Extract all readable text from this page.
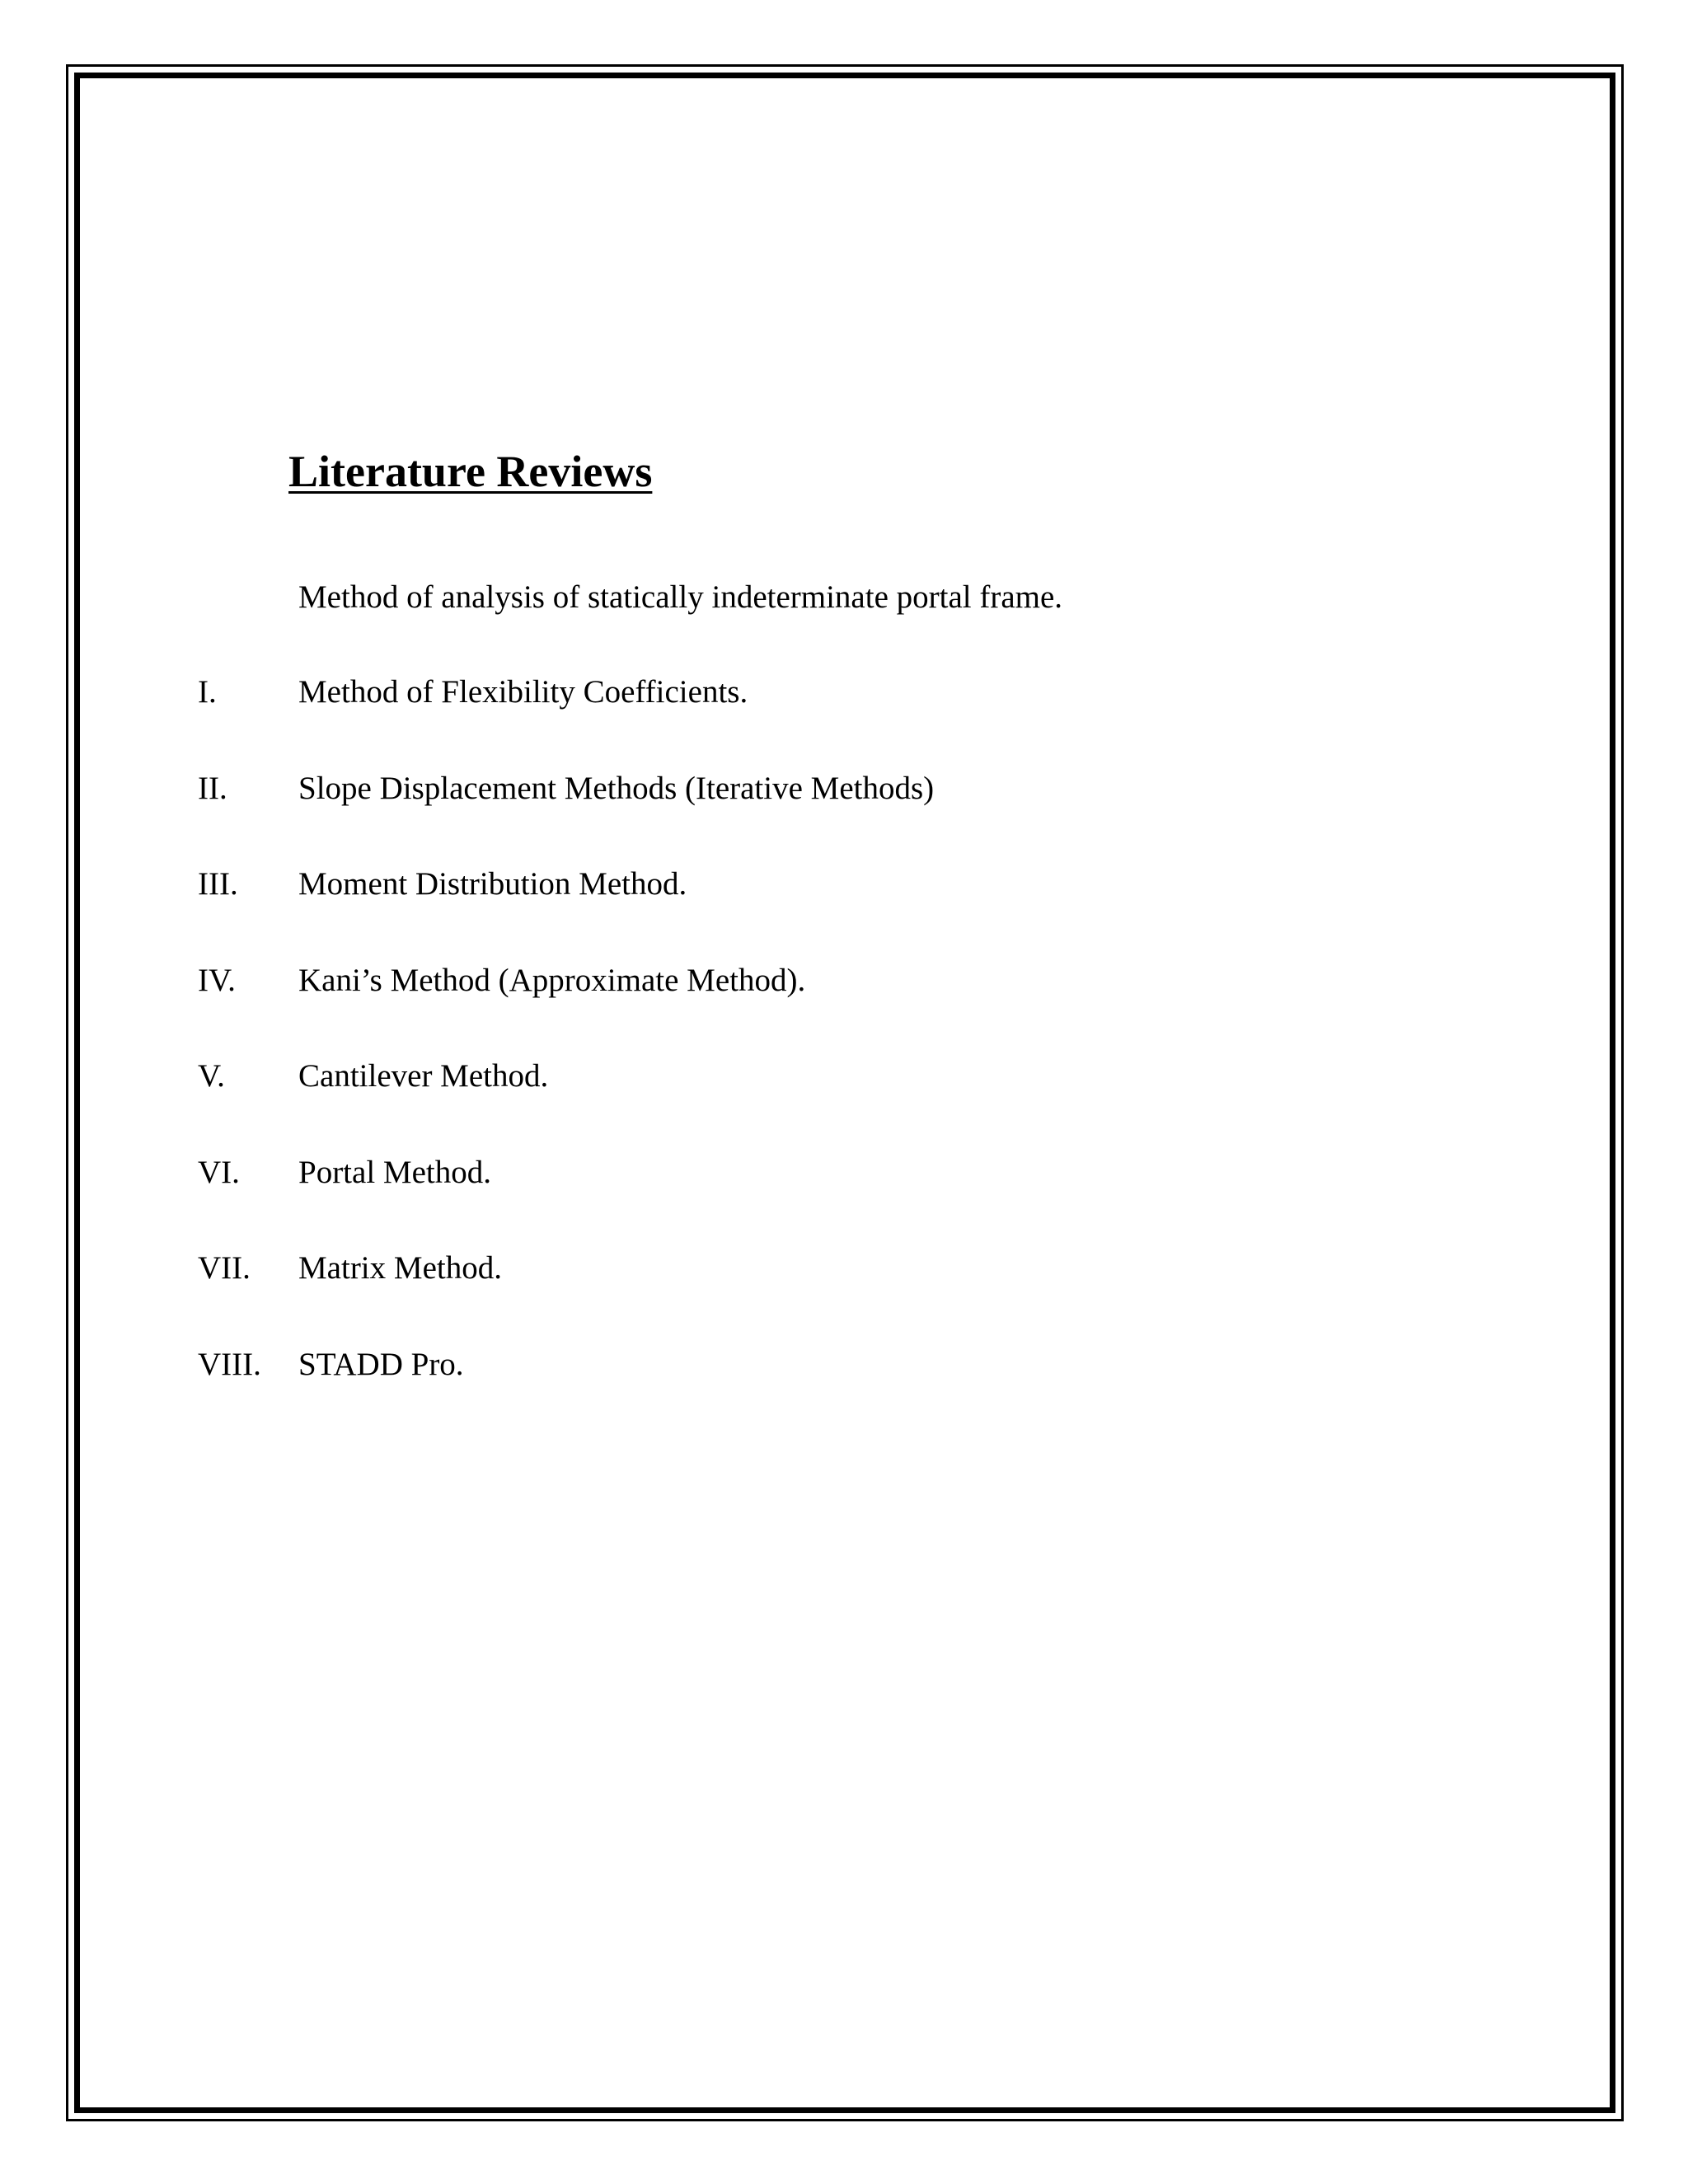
Literature Reviews

Method of analysis of statically indeterminate portal frame.

I.	Method of Flexibility Coefficients.
II.	Slope Displacement Methods (Iterative Methods)
III.	Moment Distribution Method.
IV.	Kani’s Method (Approximate Method).
V.	Cantilever Method.
VI.	Portal Method.
VII.	Matrix Method.
VIII.	STADD Pro.
